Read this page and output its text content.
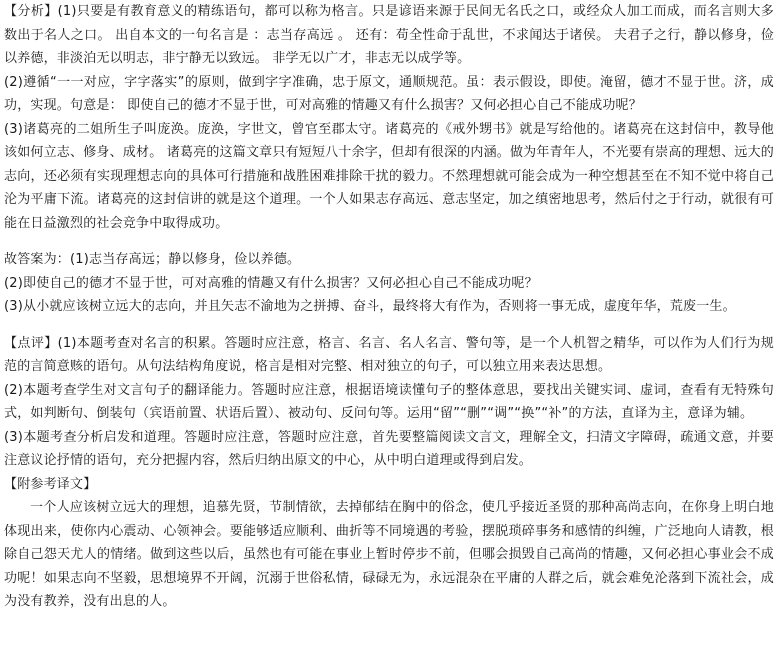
【分析】(1)只要是有教育意义的精练语句，都可以称为格言。只是谚语来源于民间无名氏之口，或经众人加工而成，而名言则大多数出于名人之口。 出自本文的一句名言是 ：志当存高远 。 还有：苟全性命于乱世，不求闻达于诸侯。 夫君子之行，静以修身，俭以养德，非淡泊无以明志，非宁静无以致远。 非学无以广才，非志无以成学等。

(2)遵循“一一对应，字字落实”的原则，做到字字准确，忠于原文，通顺规范。虽：表示假设，即使。淹留，德才不显于世。济，成功，实现。句意是： 即使自己的德才不显于世，可对高雅的情趣又有什么损害？又何必担心自己不能成功呢？

(3)诸葛亮的二姐所生子叫庞涣。庞涣，字世文，曾官至郡太守。诸葛亮的《戒外甥书》就是写给他的。诸葛亮在这封信中，教导他该如何立志、修身、成材。 诸葛亮的这篇文章只有短短八十余字，但却有很深的内涵。做为年青年人，不光要有崇高的理想、远大的志向，还必须有实现理想志向的具体可行措施和战胜困难排除干扰的毅力。不然理想就可能会成为一种空想甚至在不知不觉中将自己沦为平庸下流。诸葛亮的这封信讲的就是这个道理。一个人如果志存高远、意志坚定，加之缜密地思考，然后付之于行动，就很有可能在日益激烈的社会竞争中取得成功。

故答案为：(1)志当存高远；静以修身，俭以养德。

(2)即使自己的德才不显于世，可对高雅的情趣又有什么损害？又何必担心自己不能成功呢？

(3)从小就应该树立远大的志向，并且矢志不渝地为之拼搏、奋斗，最终将大有作为，否则将一事无成，虚度年华，荒废一生。

【点评】(1)本题考查对名言的积累。答题时应注意，格言、名言、名人名言、警句等，是一个人机智之精华，可以作为人们行为规范的言简意赅的语句。从句法结构角度说，格言是相对完整、相对独立的句子，可以独立用来表达思想。

(2)本题考查学生对文言句子的翻译能力。答题时应注意，根据语境读懂句子的整体意思，要找出关键实词、虚词，查看有无特殊句式，如判断句、倒装句（宾语前置、状语后置）、被动句、反问句等。运用“留”“删”“调”“换”“补”的方法，直译为主，意译为辅。

(3)本题考查分析启发和道理。答题时应注意，答题时应注意，首先要整篇阅读文言文，理解全文，扫清文字障碍，疏通文意，并要注意议论抒情的语句，充分把握内容，然后归纳出原文的中心，从中明白道理或得到启发。

【附参考译文】

一个人应该树立远大的理想，追慕先贤，节制情欲，去掉郁结在胸中的俗念，使几乎接近圣贤的那种高尚志向，在你身上明白地体现出来，使你内心震动、心领神会。要能够适应顺利、曲折等不同境遇的考验，摆脱琐碎事务和感情的纠缠，广泛地向人请教，根除自己怨天尤人的情绪。做到这些以后，虽然也有可能在事业上暂时停步不前，但哪会损毁自己高尚的情趣，又何必担心事业会不成功呢！如果志向不坚毅，思想境界不开阔，沉溺于世俗私情，碌碌无为，永远混杂在平庸的人群之后，就会难免沦落到下流社会，成为没有教养，没有出息的人。
